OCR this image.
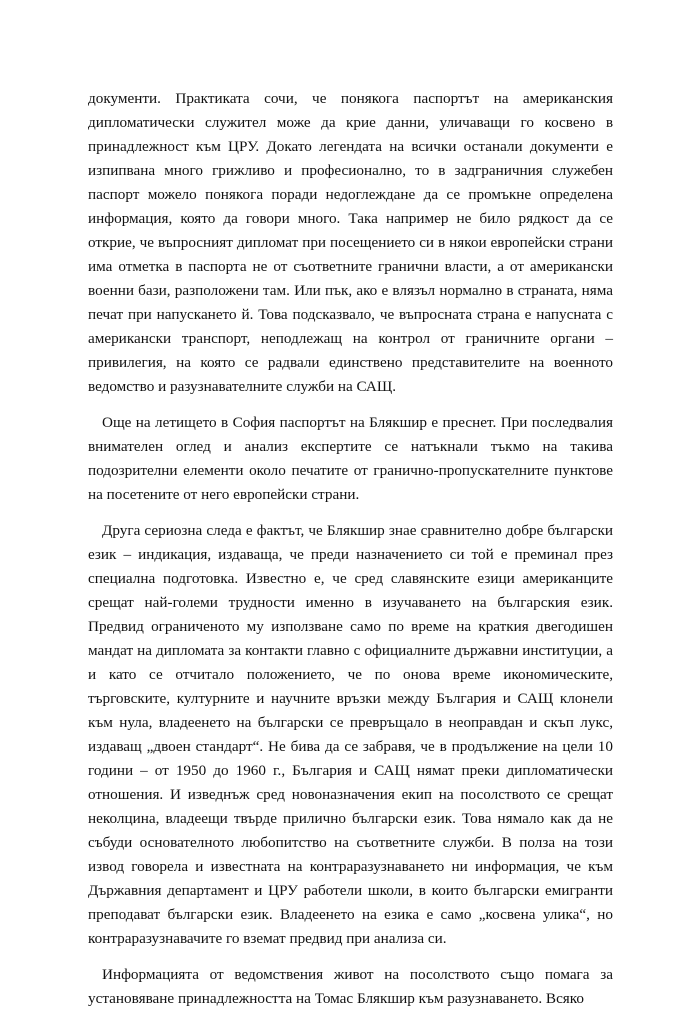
документи. Практиката сочи, че понякога паспортът на американския дипломатически служител може да крие данни, уличаващи го косвено в принадлежност към ЦРУ. Докато легендата на всички останали документи е изпипвана много грижливо и професионално, то в задграничния служебен паспорт можело понякога поради недоглеждане да се промъкне определена информация, която да говори много. Така например не било рядкост да се открие, че въпросният дипломат при посещението си в някои европейски страни има отметка в паспорта не от съответните гранични власти, а от американски военни бази, разположени там. Или пък, ако е влязъл нормално в страната, няма печат при напускането й. Това подсказвало, че въпросната страна е напусната с американски транспорт, неподлежащ на контрол от граничните органи – привилегия, на която се радвали единствено представителите на военното ведомство и разузнавателните служби на САЩ.

Още на летището в София паспортът на Блякшир е преснет. При последвалия внимателен оглед и анализ експертите се натъкнали тъкмо на такива подозрителни елементи около печатите от гранично-пропускателните пунктове на посетените от него европейски страни.

Друга сериозна следа е фактът, че Блякшир знае сравнително добре български език – индикация, издаваща, че преди назначението си той е преминал през специална подготовка. Известно е, че сред славянските езици американците срещат най-големи трудности именно в изучаването на българския език. Предвид ограниченото му използване само по време на краткия двегодишен мандат на дипломата за контакти главно с официалните държавни институции, а и като се отчитало положението, че по онова време икономическите, търговските, културните и научните връзки между България и САЩ клонели към нула, владеенето на български се превръщало в неоправдан и скъп лукс, издаващ „двоен стандарт“. Не бива да се забравя, че в продължение на цели 10 години – от 1950 до 1960 г., България и САЩ нямат преки дипломатически отношения. И изведнъж сред новоназначения екип на посолството се срещат неколцина, владеещи твърде прилично български език. Това нямало как да не събуди основателното любопитство на съответните служби. В полза на този извод говорела и известната на контраразузнаването ни информация, че към Държавния департамент и ЦРУ работели школи, в които български емигранти преподават български език. Владеенето на езика е само „косвена улика“, но контраразузнавачите го вземат предвид при анализа си.

Информацията от ведомствения живот на посолството също помага за установяване принадлежността на Томас Блякшир към разузнаването. Всяко
